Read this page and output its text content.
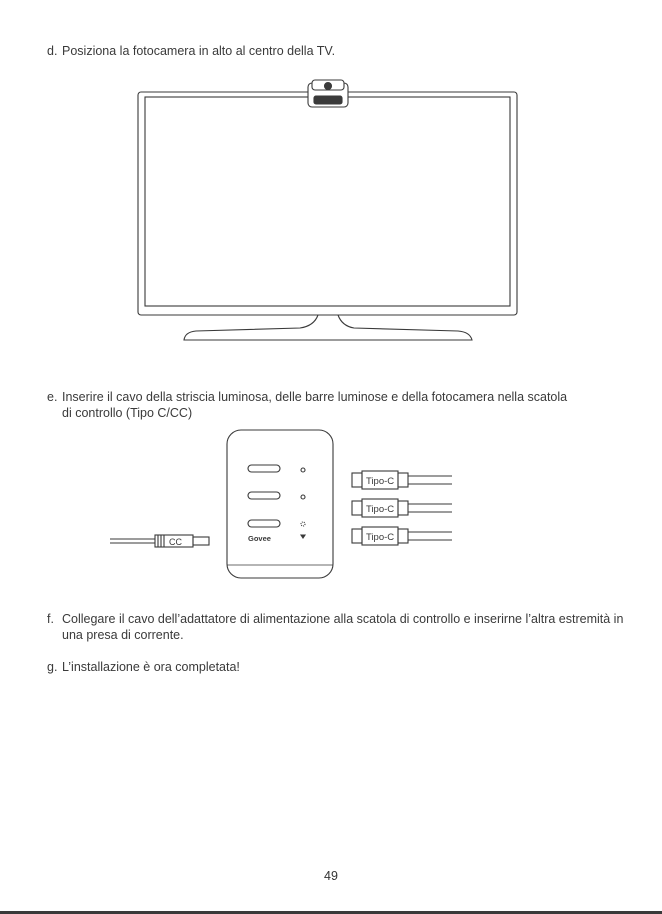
d. Posiziona la fotocamera in alto al centro della TV.
e. Inserire il cavo della striscia luminosa, delle barre luminose e della fotocamera nella scatola
di controllo (Tipo C/CC)
Govee
CC
Tipo-C
Tipo-C
Tipo-C
f. Collegare il cavo dell’adattatore di alimentazione alla scatola di controllo e inserirne l’altra estremità in
una presa di corrente.
g. L’installazione è ora completata!
49
